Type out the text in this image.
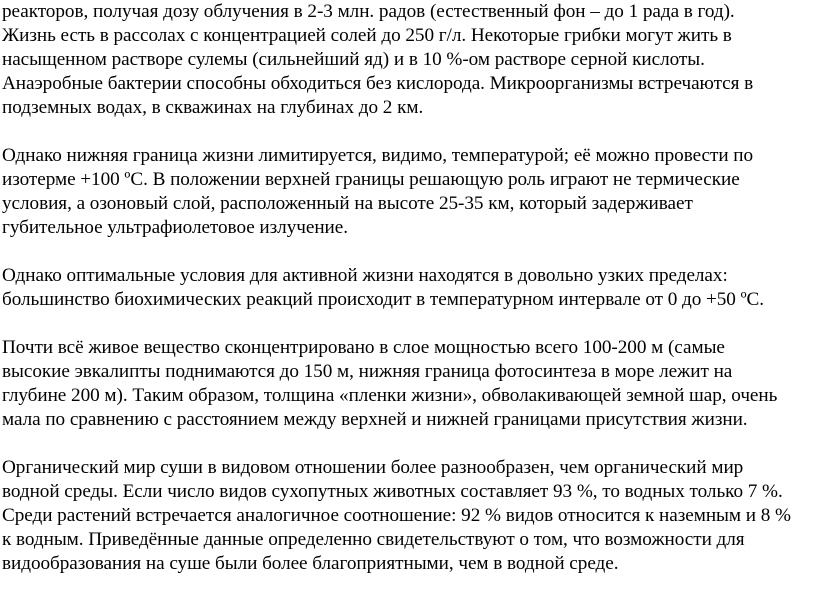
реакторов, получая дозу облучения в 2-3 млн. радов (естественный фон – до 1 рада в год).
Жизнь есть в рассолах с концентрацией солей до 250 г/л. Некоторые грибки могут жить в
насыщенном растворе сулемы (сильнейший яд) и в 10 %-ом растворе серной кислоты.
Анаэробные бактерии способны обходиться без кислорода. Микроорганизмы встречаются в
подземных водах, в скважинах на глубинах до 2 км.
Однако нижняя граница жизни лимитируется, видимо, температурой; её можно провести по
изотерме +100 ºС. В положении верхней границы решающую роль играют не термические
условия, а озоновый слой, расположенный на высоте 25-35 км, который задерживает
губительное ультрафиолетовое излучение.
Однако оптимальные условия для активной жизни находятся в довольно узких пределах:
большинство биохимических реакций происходит в температурном интервале от 0 до +50 ºС.
Почти всё живое вещество сконцентрировано в слое мощностью всего 100-200 м (самые
высокие эвкалипты поднимаются до 150 м, нижняя граница фотосинтеза в море лежит на
глубине 200 м). Таким образом, толщина «пленки жизни», обволакивающей земной шар, очень
мала по сравнению с расстоянием между верхней и нижней границами присутствия жизни.
Органический мир суши в видовом отношении более разнообразен, чем органический мир
водной среды. Если число видов сухопутных животных составляет 93 %, то водных только 7 %.
Среди растений встречается аналогичное соотношение: 92 % видов относится к наземным и 8 %
к водным. Приведённые данные определенно свидетельствуют о том, что возможности для
видообразования на суше были более благоприятными, чем в водной среде.
